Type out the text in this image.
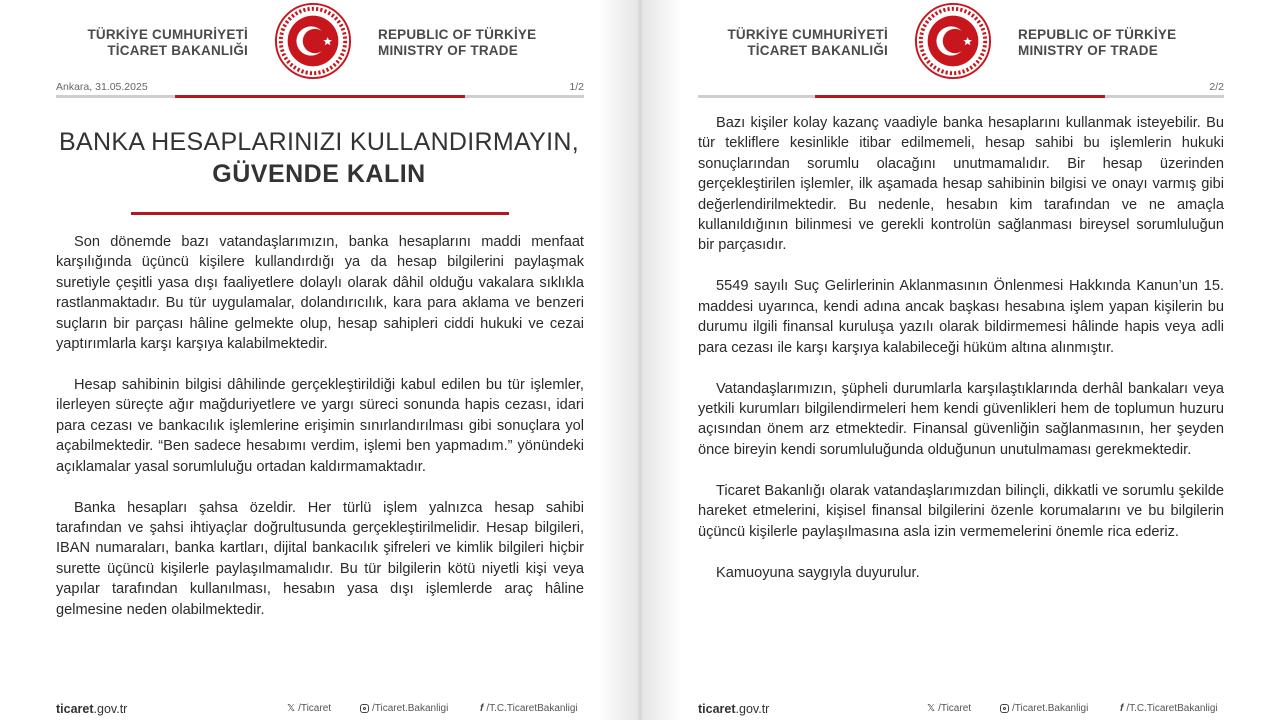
TÜRKİYE CUMHURİYETİ
TİCARET BAKANLIĞI
REPUBLIC OF TÜRKİYE
MINISTRY OF TRADE
Ankara, 31.05.2025	1/2
BANKA HESAPLARINIZI KULLANDIRMAYIN,
GÜVENDE KALIN

Son dönemde bazı vatandaşlarımızın, banka hesaplarını maddi menfaat karşılığında üçüncü kişilere kullandırdığı ya da hesap bilgilerini paylaşmak suretiyle çeşitli yasa dışı faaliyetlere dolaylı olarak dâhil olduğu vakalara sıklıkla rastlanmaktadır. Bu tür uygulamalar, dolandırıcılık, kara para aklama ve benzeri suçların bir parçası hâline gelmekte olup, hesap sahipleri ciddi hukuki ve cezai yaptırımlarla karşı karşıya kalabilmektedir.

Hesap sahibinin bilgisi dâhilinde gerçekleştirildiği kabul edilen bu tür işlemler, ilerleyen süreçte ağır mağduriyetlere ve yargı süreci sonunda hapis cezası, idari para cezası ve bankacılık işlemlerine erişimin sınırlandırılması gibi sonuçlara yol açabilmektedir. “Ben sadece hesabımı verdim, işlemi ben yapmadım.” yönündeki açıklamalar yasal sorumluluğu ortadan kaldırmamaktadır.

Banka hesapları şahsa özeldir. Her türlü işlem yalnızca hesap sahibi tarafından ve şahsi ihtiyaçlar doğrultusunda gerçekleştirilmelidir. Hesap bilgileri, IBAN numaraları, banka kartları, dijital bankacılık şifreleri ve kimlik bilgileri hiçbir surette üçüncü kişilerle paylaşılmamalıdır. Bu tür bilgilerin kötü niyetli kişi veya yapılar tarafından kullanılması, hesabın yasa dışı işlemlerde araç hâline gelmesine neden olabilmektedir.

ticaret.gov.tr	𝕏 /Ticaret	/Ticaret.Bakanligi	f /T.C.TicaretBakanligi
TÜRKİYE CUMHURİYETİ
TİCARET BAKANLIĞI
REPUBLIC OF TÜRKİYE
MINISTRY OF TRADE
2/2

Bazı kişiler kolay kazanç vaadiyle banka hesaplarını kullanmak isteyebilir. Bu tür tekliflere kesinlikle itibar edilmemeli, hesap sahibi bu işlemlerin hukuki sonuçlarından sorumlu olacağını unutmamalıdır. Bir hesap üzerinden gerçekleştirilen işlemler, ilk aşamada hesap sahibinin bilgisi ve onayı varmış gibi değerlendirilmektedir. Bu nedenle, hesabın kim tarafından ve ne amaçla kullanıldığının bilinmesi ve gerekli kontrolün sağlanması bireysel sorumluluğun bir parçasıdır.

5549 sayılı Suç Gelirlerinin Aklanmasının Önlenmesi Hakkında Kanun’un 15. maddesi uyarınca, kendi adına ancak başkası hesabına işlem yapan kişilerin bu durumu ilgili finansal kuruluşa yazılı olarak bildirmemesi hâlinde hapis veya adli para cezası ile karşı karşıya kalabileceği hüküm altına alınmıştır.

Vatandaşlarımızın, şüpheli durumlarla karşılaştıklarında derhâl bankaları veya yetkili kurumları bilgilendirmeleri hem kendi güvenlikleri hem de toplumun huzuru açısından önem arz etmektedir. Finansal güvenliğin sağlanmasının, her şeyden önce bireyin kendi sorumluluğunda olduğunun unutulmaması gerekmektedir.

Ticaret Bakanlığı olarak vatandaşlarımızdan bilinçli, dikkatli ve sorumlu şekilde hareket etmelerini, kişisel finansal bilgilerini özenle korumalarını ve bu bilgilerin üçüncü kişilerle paylaşılmasına asla izin vermemelerini önemle rica ederiz.

Kamuoyuna saygıyla duyurulur.

ticaret.gov.tr	𝕏 /Ticaret	/Ticaret.Bakanligi	f /T.C.TicaretBakanligi
